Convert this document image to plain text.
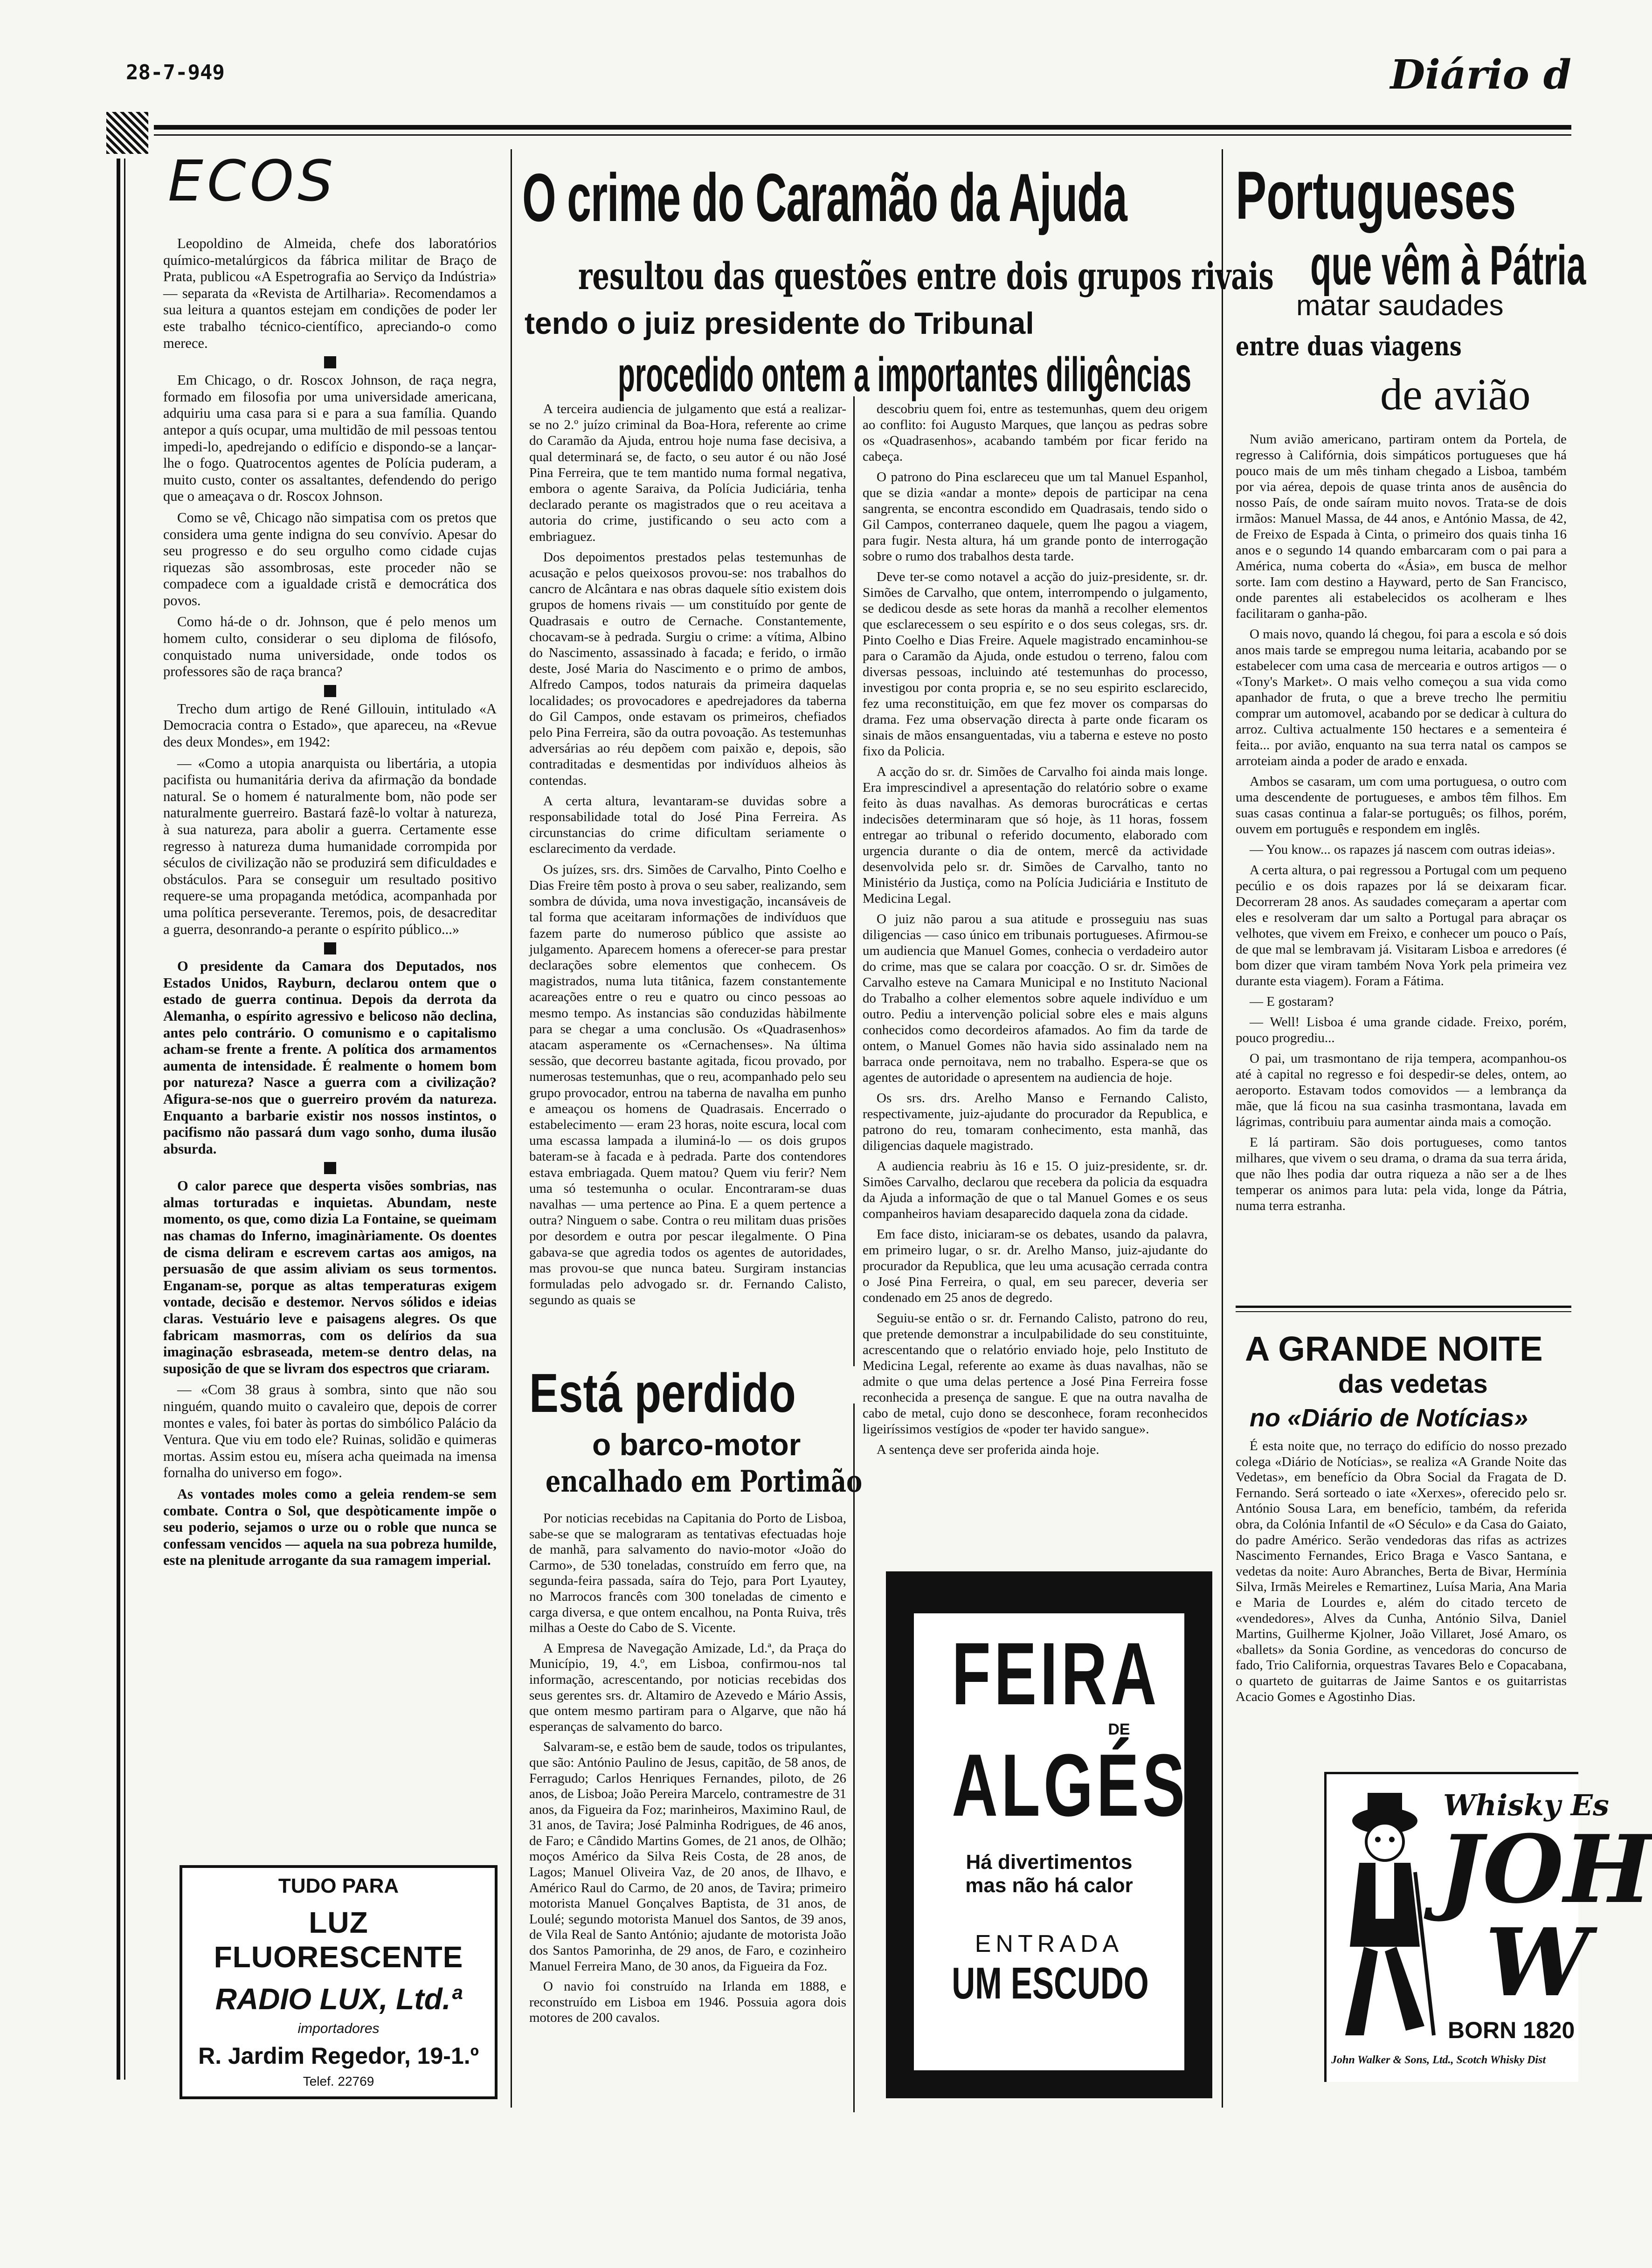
28-7-949	Diário d
ECOS

Leopoldino de Almeida, chefe dos laboratórios químico-metalúrgicos da fábrica militar de Braço de Prata, publicou «A Espetrografia ao Serviço da Indústria» — separata da «Revista de Artilharia». Recomendamos a sua leitura a quantos estejam em condições de poder ler este trabalho técnico-científico, apreciando-o como merece.

Em Chicago, o dr. Roscox Johnson, de raça negra, formado em filosofia por uma universidade americana, adquiriu uma casa para si e para a sua família. Quando antepor a quís ocupar, uma multidão de mil pessoas tentou impedi-lo, apedrejando o edifício e dispondo-se a lançar-lhe o fogo. Quatrocentos agentes de Polícia puderam, a muito custo, conter os assaltantes, defendendo do perigo que o ameaçava o dr. Roscox Johnson.

Como se vê, Chicago não simpatisa com os pretos que considera uma gente indigna do seu convívio. Apesar do seu progresso e do seu orgulho como cidade cujas riquezas são assombrosas, este proceder não se compadece com a igualdade cristã e democrática dos povos.

Como há-de o dr. Johnson, que é pelo menos um homem culto, considerar o seu diploma de filósofo, conquistado numa universidade, onde todos os professores são de raça branca?

Trecho dum artigo de René Gillouin, intitulado «A Democracia contra o Estado», que apareceu, na «Revue des deux Mondes», em 1942:

— «Como a utopia anarquista ou libertária, a utopia pacifista ou humanitária deriva da afirmação da bondade natural. Se o homem é naturalmente bom, não pode ser naturalmente guerreiro. Bastará fazê-lo voltar à natureza, à sua natureza, para abolir a guerra. Certamente esse regresso à natureza duma humanidade corrompida por séculos de civilização não se produzirá sem dificuldades e obstáculos. Para se conseguir um resultado positivo requere-se uma propaganda metódica, acompanhada por uma política perseverante. Teremos, pois, de desacreditar a guerra, desonrando-a perante o espírito público...»

O presidente da Camara dos Deputados, nos Estados Unidos, Rayburn, declarou ontem que o estado de guerra continua. Depois da derrota da Alemanha, o espírito agressivo e belicoso não declina, antes pelo contrário. O comunismo e o capitalismo acham-se frente a frente. A política dos armamentos aumenta de intensidade. É realmente o homem bom por natureza? Nasce a guerra com a civilização? Afigura-se-nos que o guerreiro provém da natureza. Enquanto a barbarie existir nos nossos instintos, o pacifismo não passará dum vago sonho, duma ilusão absurda.

O calor parece que desperta visões sombrias, nas almas torturadas e inquietas. Abundam, neste momento, os que, como dizia La Fontaine, se queimam nas chamas do Inferno, imaginàriamente. Os doentes de cisma deliram e escrevem cartas aos amigos, na persuasão de que assim aliviam os seus tormentos. Enganam-se, porque as altas temperaturas exigem vontade, decisão e destemor. Nervos sólidos e ideias claras. Vestuário leve e paisagens alegres. Os que fabricam masmorras, com os delírios da sua imaginação esbraseada, metem-se dentro delas, na suposição de que se livram dos espectros que criaram.

— «Com 38 graus à sombra, sinto que não sou ninguém, quando muito o cavaleiro que, depois de correr montes e vales, foi bater às portas do simbólico Palácio da Ventura. Que viu em todo ele? Ruinas, solidão e quimeras mortas. Assim estou eu, mísera acha queimada na imensa fornalha do universo em fogo».

As vontades moles como a geleia rendem-se sem combate. Contra o Sol, que despòticamente impõe o seu poderio, sejamos o urze ou o roble que nunca se confessam vencidos — aquela na sua pobreza humilde, este na plenitude arrogante da sua ramagem imperial.

TUDO PARA
LUZ FLUORESCENTE
RADIO LUX, Ltd.ª
importadores
R. Jardim Regedor, 19-1.º
Telef. 22769
O crime do Caramão da Ajuda
resultou das questões entre dois grupos rivais
tendo o juiz presidente do Tribunal
procedido ontem a importantes diligências

A terceira audiencia de julgamento que está a realizar-se no 2.º juízo criminal da Boa-Hora, referente ao crime do Caramão da Ajuda, entrou hoje numa fase decisiva, a qual determinará se, de facto, o seu autor é ou não José Pina Ferreira, que te tem mantido numa formal negativa, embora o agente Saraiva, da Polícia Judiciária, tenha declarado perante os magistrados que o reu aceitava a autoria do crime, justificando o seu acto com a embriaguez.

Dos depoimentos prestados pelas testemunhas de acusação e pelos queixosos provou-se: nos trabalhos do cancro de Alcântara e nas obras daquele sítio existem dois grupos de homens rivais — um constituído por gente de Quadrasais e outro de Cernache. Constantemente, chocavam-se à pedrada. Surgiu o crime: a vítima, Albino do Nascimento, assassinado à facada; e ferido, o irmão deste, José Maria do Nascimento e o primo de ambos, Alfredo Campos, todos naturais da primeira daquelas localidades; os provocadores e apedrejadores da taberna do Gil Campos, onde estavam os primeiros, chefiados pelo Pina Ferreira, são da outra povoação. As testemunhas adversárias ao réu depõem com paixão e, depois, são contraditadas e desmentidas por indivíduos alheios às contendas.

A certa altura, levantaram-se duvidas sobre a responsabilidade total do José Pina Ferreira. As circunstancias do crime dificultam seriamente o esclarecimento da verdade.

Os juízes, srs. drs. Simões de Carvalho, Pinto Coelho e Dias Freire têm posto à prova o seu saber, realizando, sem sombra de dúvida, uma nova investigação, incansáveis de tal forma que aceitaram informações de indivíduos que fazem parte do numeroso público que assiste ao julgamento. Aparecem homens a oferecer-se para prestar declarações sobre elementos que conhecem. Os magistrados, numa luta titânica, fazem constantemente acareações entre o reu e quatro ou cinco pessoas ao mesmo tempo. As instancias são conduzidas hàbilmente para se chegar a uma conclusão. Os «Quadrasenhos» atacam asperamente os «Cernachenses». Na última sessão, que decorreu bastante agitada, ficou provado, por numerosas testemunhas, que o reu, acompanhado pelo seu grupo provocador, entrou na taberna de navalha em punho e ameaçou os homens de Quadrasais. Encerrado o estabelecimento — eram 23 horas, noite escura, local com uma escassa lampada a iluminá-lo — os dois grupos bateram-se à facada e à pedrada. Parte dos contendores estava embriagada. Quem matou? Quem viu ferir? Nem uma só testemunha o ocular. Encontraram-se duas navalhas — uma pertence ao Pina. E a quem pertence a outra? Ninguem o sabe. Contra o reu militam duas prisões por desordem e outra por pescar ilegalmente. O Pina gabava-se que agredia todos os agentes de autoridades, mas provou-se que nunca bateu. Surgiram instancias formuladas pelo advogado sr. dr. Fernando Calisto, segundo as quais se

descobriu quem foi, entre as testemunhas, quem deu origem ao conflito: foi Augusto Marques, que lançou as pedras sobre os «Quadrasenhos», acabando também por ficar ferido na cabeça.

O patrono do Pina esclareceu que um tal Manuel Espanhol, que se dizia «andar a monte» depois de participar na cena sangrenta, se encontra escondido em Quadrasais, tendo sido o Gil Campos, conterraneo daquele, quem lhe pagou a viagem, para fugir. Nesta altura, há um grande ponto de interrogação sobre o rumo dos trabalhos desta tarde.

Deve ter-se como notavel a acção do juiz-presidente, sr. dr. Simões de Carvalho, que ontem, interrompendo o julgamento, se dedicou desde as sete horas da manhã a recolher elementos que esclarecessem o seu espírito e o dos seus colegas, srs. dr. Pinto Coelho e Dias Freire. Aquele magistrado encaminhou-se para o Caramão da Ajuda, onde estudou o terreno, falou com diversas pessoas, incluindo até testemunhas do processo, investigou por conta propria e, se no seu espirito esclarecido, fez uma reconstituição, em que fez mover os comparsas do drama. Fez uma observação directa à parte onde ficaram os sinais de mãos ensanguentadas, viu a taberna e esteve no posto fixo da Policia.

A acção do sr. dr. Simões de Carvalho foi ainda mais longe. Era imprescindivel a apresentação do relatório sobre o exame feito às duas navalhas. As demoras burocráticas e certas indecisões determinaram que só hoje, às 11 horas, fossem entregar ao tribunal o referido documento, elaborado com urgencia durante o dia de ontem, mercê da actividade desenvolvida pelo sr. dr. Simões de Carvalho, tanto no Ministério da Justiça, como na Polícia Judiciária e Instituto de Medicina Legal.

O juiz não parou a sua atitude e prosseguiu nas suas diligencias — caso único em tribunais portugueses. Afirmou-se um audiencia que Manuel Gomes, conhecia o verdadeiro autor do crime, mas que se calara por coacção. O sr. dr. Simões de Carvalho esteve na Camara Municipal e no Instituto Nacional do Trabalho a colher elementos sobre aquele indivíduo e um outro. Pediu a intervenção policial sobre eles e mais alguns conhecidos como decordeiros afamados. Ao fim da tarde de ontem, o Manuel Gomes não havia sido assinalado nem na barraca onde pernoitava, nem no trabalho. Espera-se que os agentes de autoridade o apresentem na audiencia de hoje.

Os srs. drs. Arelho Manso e Fernando Calisto, respectivamente, juiz-ajudante do procurador da Republica, e patrono do reu, tomaram conhecimento, esta manhã, das diligencias daquele magistrado.

A audiencia reabriu às 16 e 15. O juiz-presidente, sr. dr. Simões Carvalho, declarou que recebera da policia da esquadra da Ajuda a informação de que o tal Manuel Gomes e os seus companheiros haviam desaparecido daquela zona da cidade.

Em face disto, iniciaram-se os debates, usando da palavra, em primeiro lugar, o sr. dr. Arelho Manso, juiz-ajudante do procurador da Republica, que leu uma acusação cerrada contra o José Pina Ferreira, o qual, em seu parecer, deveria ser condenado em 25 anos de degredo.

Seguiu-se então o sr. dr. Fernando Calisto, patrono do reu, que pretende demonstrar a inculpabilidade do seu constituinte, acrescentando que o relatório enviado hoje, pelo Instituto de Medicina Legal, referente ao exame às duas navalhas, não se admite o que uma delas pertence a José Pina Ferreira fosse reconhecida a presença de sangue. E que na outra navalha de cabo de metal, cujo dono se desconhece, foram reconhecidos ligeiríssimos vestígios de «poder ter havido sangue».

A sentença deve ser proferida ainda hoje.

Está perdido
o barco-motor
encalhado em Portimão

Por noticias recebidas na Capitania do Porto de Lisboa, sabe-se que se malograram as tentativas efectuadas hoje de manhã, para salvamento do navio-motor «João do Carmo», de 530 toneladas, construído em ferro que, na segunda-feira passada, saíra do Tejo, para Port Lyautey, no Marrocos francês com 300 toneladas de cimento e carga diversa, e que ontem encalhou, na Ponta Ruiva, três milhas a Oeste do Cabo de S. Vicente.

A Empresa de Navegação Amizade, Ld.ª, da Praça do Município, 19, 4.º, em Lisboa, confirmou-nos tal informação, acrescentando, por noticias recebidas dos seus gerentes srs. dr. Altamiro de Azevedo e Mário Assis, que ontem mesmo partiram para o Algarve, que não há esperanças de salvamento do barco.

Salvaram-se, e estão bem de saude, todos os tripulantes, que são: António Paulino de Jesus, capitão, de 58 anos, de Ferragudo; Carlos Henriques Fernandes, piloto, de 26 anos, de Lisboa; João Pereira Marcelo, contramestre de 31 anos, da Figueira da Foz; marinheiros, Maximino Raul, de 31 anos, de Tavira; José Palminha Rodrigues, de 46 anos, de Faro; e Cândido Martins Gomes, de 21 anos, de Olhão; moços Américo da Silva Reis Costa, de 28 anos, de Lagos; Manuel Oliveira Vaz, de 20 anos, de Ilhavo, e Américo Raul do Carmo, de 20 anos, de Tavira; primeiro motorista Manuel Gonçalves Baptista, de 31 anos, de Loulé; segundo motorista Manuel dos Santos, de 39 anos, de Vila Real de Santo António; ajudante de motorista João dos Santos Pamorinha, de 29 anos, de Faro, e cozinheiro Manuel Ferreira Mano, de 30 anos, da Figueira da Foz.

O navio foi construído na Irlanda em 1888, e reconstruído em Lisboa em 1946. Possuia agora dois motores de 200 cavalos.

FEIRA
DE
ALGÉS
Há divertimentos
mas não há calor
ENTRADA
UM ESCUDO
Portugueses
que vêm à Pátria
matar saudades
entre duas viagens
de avião

Num avião americano, partiram ontem da Portela, de regresso à Califórnia, dois simpáticos portugueses que há pouco mais de um mês tinham chegado a Lisboa, também por via aérea, depois de quase trinta anos de ausência do nosso País, de onde saíram muito novos. Trata-se de dois irmãos: Manuel Massa, de 44 anos, e António Massa, de 42, de Freixo de Espada à Cinta, o primeiro dos quais tinha 16 anos e o segundo 14 quando embarcaram com o pai para a América, numa coberta do «Ásia», em busca de melhor sorte. Iam com destino a Hayward, perto de San Francisco, onde parentes ali estabelecidos os acolheram e lhes facilitaram o ganha-pão.

O mais novo, quando lá chegou, foi para a escola e só dois anos mais tarde se empregou numa leitaria, acabando por se estabelecer com uma casa de mercearia e outros artigos — o «Tony's Market». O mais velho começou a sua vida como apanhador de fruta, o que a breve trecho lhe permitiu comprar um automovel, acabando por se dedicar à cultura do arroz. Cultiva actualmente 150 hectares e a sementeira é feita... por avião, enquanto na sua terra natal os campos se arroteiam ainda a poder de arado e enxada.

Ambos se casaram, um com uma portuguesa, o outro com uma descendente de portugueses, e ambos têm filhos. Em suas casas continua a falar-se português; os filhos, porém, ouvem em português e respondem em inglês.

— You know... os rapazes já nascem com outras ideias».

A certa altura, o pai regressou a Portugal com um pequeno pecúlio e os dois rapazes por lá se deixaram ficar. Decorreram 28 anos. As saudades começaram a apertar com eles e resolveram dar um salto a Portugal para abraçar os velhotes, que vivem em Freixo, e conhecer um pouco o País, de que mal se lembravam já. Visitaram Lisboa e arredores (é bom dizer que viram também Nova York pela primeira vez durante esta viagem). Foram a Fátima.

— E gostaram?

— Well! Lisboa é uma grande cidade. Freixo, porém, pouco progrediu...

O pai, um trasmontano de rija tempera, acompanhou-os até à capital no regresso e foi despedir-se deles, ontem, ao aeroporto. Estavam todos comovidos — a lembrança da mãe, que lá ficou na sua casinha trasmontana, lavada em lágrimas, contribuiu para aumentar ainda mais a comoção.

E lá partiram. São dois portugueses, como tantos milhares, que vivem o seu drama, o drama da sua terra árida, que não lhes podia dar outra riqueza a não ser a de lhes temperar os animos para luta: pela vida, longe da Pátria, numa terra estranha.

A GRANDE NOITE
das vedetas
no «Diário de Notícias»

É esta noite que, no terraço do edifício do nosso prezado colega «Diário de Notícias», se realiza «A Grande Noite das Vedetas», em benefício da Obra Social da Fragata de D. Fernando. Será sorteado o iate «Xerxes», oferecido pelo sr. António Sousa Lara, em benefício, também, da referida obra, da Colónia Infantil de «O Século» e da Casa do Gaiato, do padre Américo. Serão vendedoras das rifas as actrizes Nascimento Fernandes, Erico Braga e Vasco Santana, e vedetas da noite: Auro Abranches, Berta de Bivar, Hermínia Silva, Irmãs Meireles e Remartinez, Luísa Maria, Ana Maria e Maria de Lourdes e, além do citado terceto de «vendedores», Alves da Cunha, António Silva, Daniel Martins, Guilherme Kjolner, João Villaret, José Amaro, os «ballets» da Sonia Gordine, as vencedoras do concurso de fado, Trio California, orquestras Tavares Belo e Copacabana, o quarteto de guitarras de Jaime Santos e os guitarristas Acacio Gomes e Agostinho Dias.

Whisky Es
JOH
W
BORN 1820
John Walker & Sons, Ltd., Scotch Whisky Dist
